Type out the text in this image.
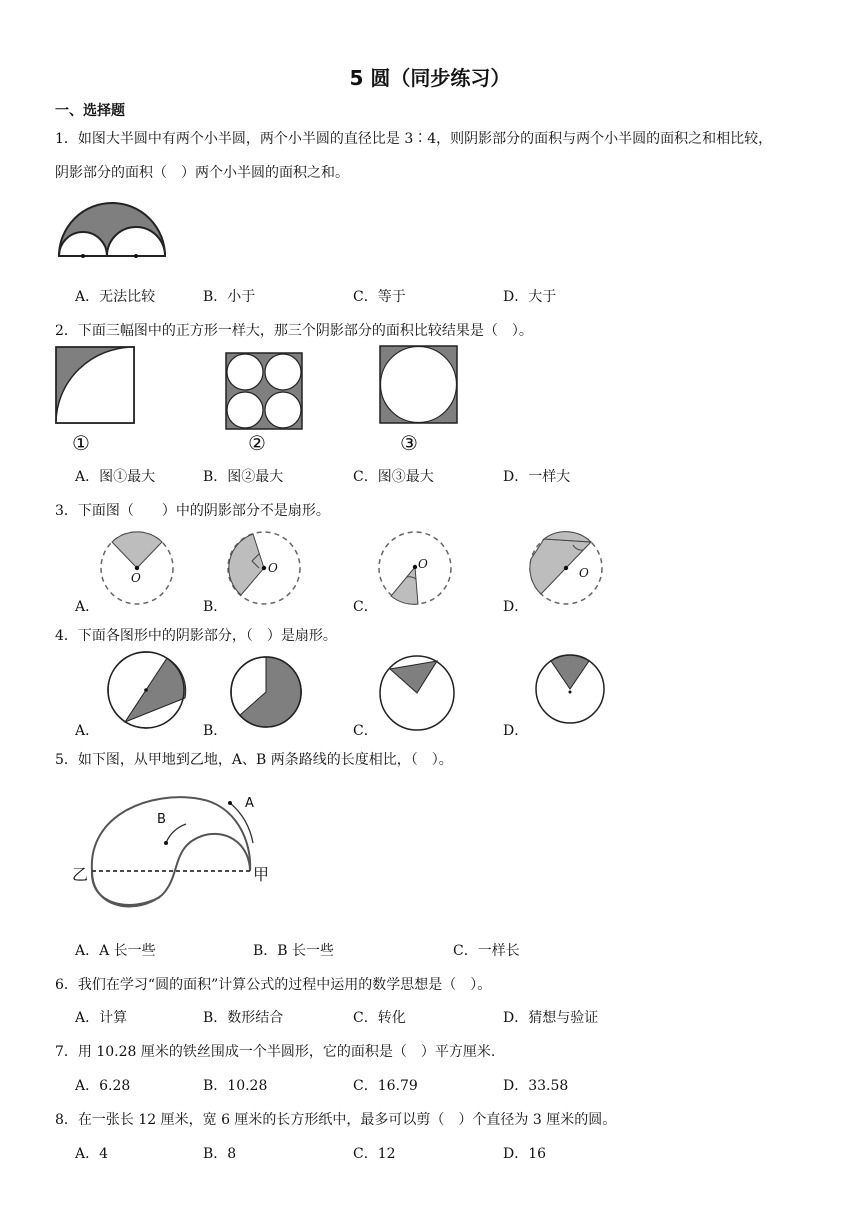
5 圆（同步练习）
一、选择题
1．如图大半圆中有两个小半圆，两个小半圆的直径比是 3∶4，则阴影部分的面积与两个小半圆的面积之和相比较，
阴影部分的面积（　）两个小半圆的面积之和。
A．无法比较	B．小于	C．等于	D．大于
2．下面三幅图中的正方形一样大，那三个阴影部分的面积比较结果是（　）。
①	②	③
A．图①最大	B．图②最大	C．图③最大	D．一样大
3．下面图（　　）中的阴影部分不是扇形。
O
O	O
O
A．	B．	C．	D．
4．下面各图形中的阴影部分，（　）是扇形。
A．	B．	C．	D．
5．如下图，从甲地到乙地，A、B 两条路线的长度相比，（　）。
A
B
乙	甲
A．A 长一些	B．B 长一些	C．一样长
6．我们在学习“圆的面积”计算公式的过程中运用的数学思想是（　）。
A．计算	B．数形结合	C．转化	D．猜想与验证
7．用 10.28 厘米的铁丝围成一个半圆形，它的面积是（　）平方厘米.
A．6.28	B．10.28	C．16.79	D．33.58
8．在一张长 12 厘米，宽 6 厘米的长方形纸中，最多可以剪（　）个直径为 3 厘米的圆。
A．4	B．8	C．12	D．16
